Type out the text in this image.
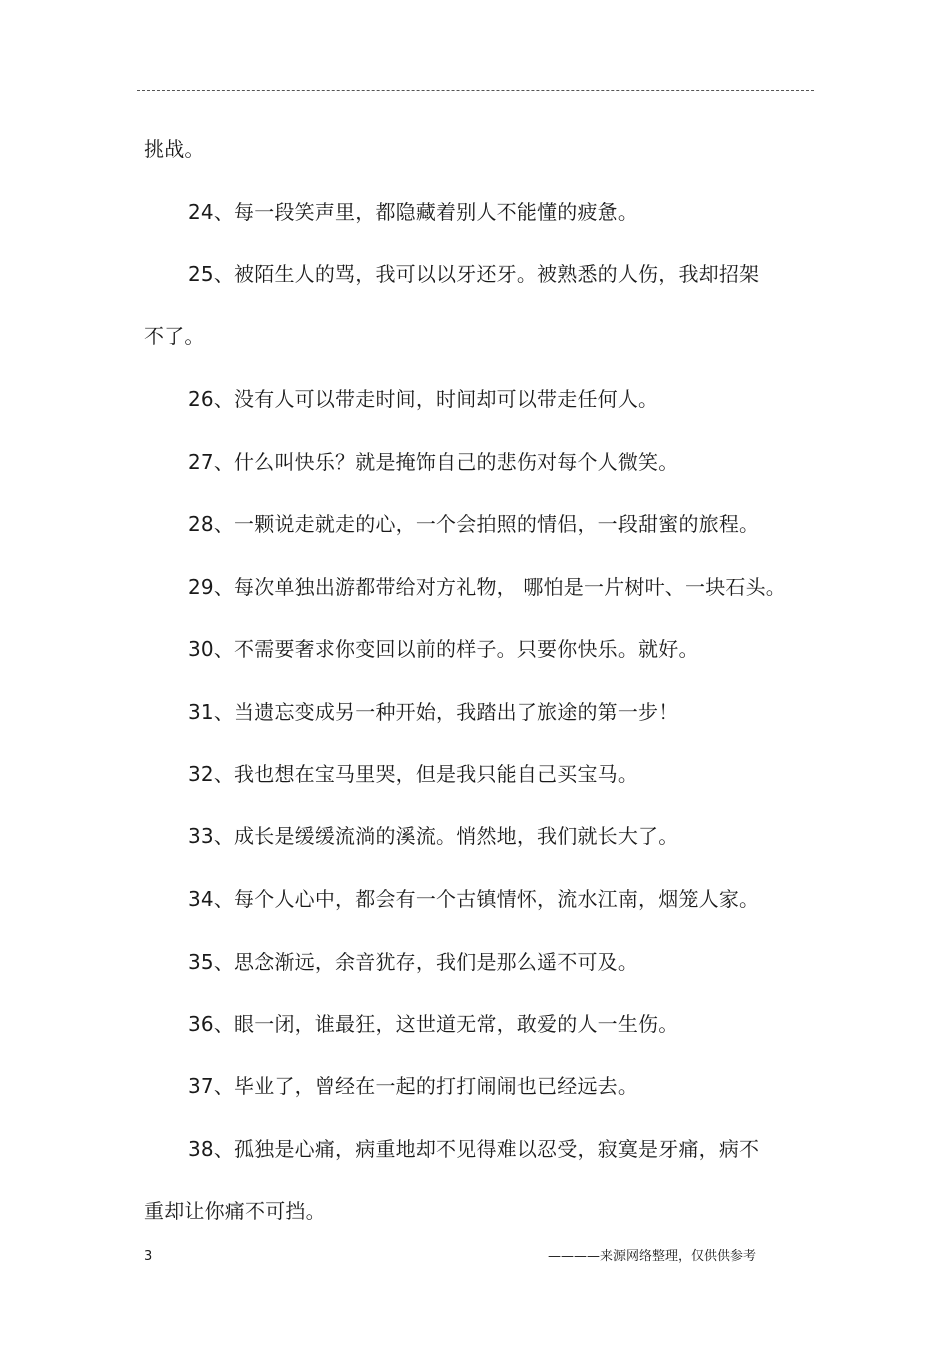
挑战。
24、每一段笑声里，都隐藏着别人不能懂的疲惫。
25、被陌生人的骂，我可以以牙还牙。被熟悉的人伤，我却招架
不了。
26、没有人可以带走时间，时间却可以带走任何人。
27、什么叫快乐？就是掩饰自己的悲伤对每个人微笑。
28、一颗说走就走的心，一个会拍照的情侣，一段甜蜜的旅程。
29、每次单独出游都带给对方礼物， 哪怕是一片树叶、一块石头。
30、不需要奢求你变回以前的样子。只要你快乐。就好。
31、当遗忘变成另一种开始，我踏出了旅途的第一步！
32、我也想在宝马里哭，但是我只能自己买宝马。
33、成长是缓缓流淌的溪流。悄然地，我们就长大了。
34、每个人心中，都会有一个古镇情怀，流水江南，烟笼人家。
35、思念渐远，余音犹存，我们是那么遥不可及。
36、眼一闭，谁最狂，这世道无常，敢爱的人一生伤。
37、毕业了，曾经在一起的打打闹闹也已经远去。
38、孤独是心痛，病重地却不见得难以忍受，寂寞是牙痛，病不
重却让你痛不可挡。
3	————来源网络整理，仅供供参考
